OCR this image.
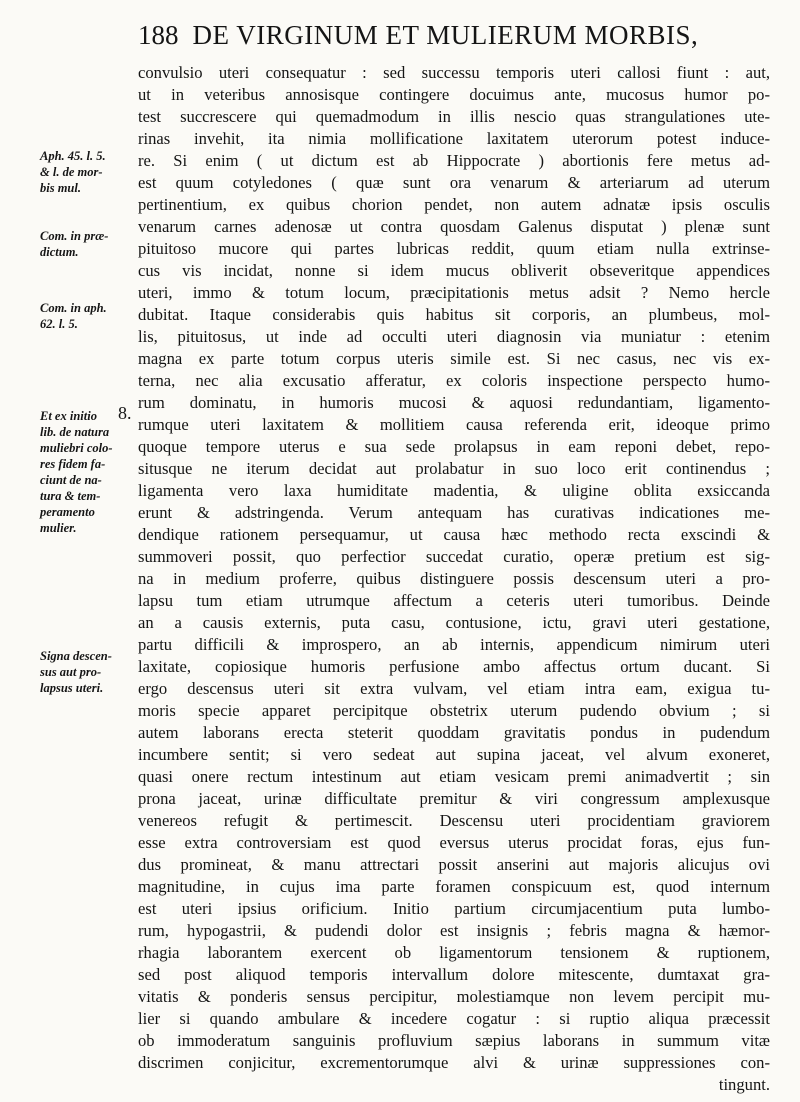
188 DE VIRGINUM ET MULIERUM MORBIS,
Aph. 45. l. 5.
& l. de mor-
bis mul.
Com. in præ-
dictum.
8.
Com. in aph.
62. l. 5.
Et ex initio
lib. de natura
muliebri colo-
res fidem fa-
ciunt de na-
tura & tem-
peramento
mulier.
Signa descen-
sus aut pro-
lapsus uteri.
convulsio uteri consequatur : sed successu temporis uteri callosi fiunt : aut,
ut in veteribus annosisque contingere docuimus ante, mucosus humor po-
test succrescere qui quemadmodum in illis nescio quas strangulationes ute-
rinas invehit, ita nimia mollificatione laxitatem uterorum potest induce-
re. Si enim ( ut dictum est ab Hippocrate ) abortionis fere metus ad-
est quum cotyledones ( quæ sunt ora venarum & arteriarum ad uterum
pertinentium, ex quibus chorion pendet, non autem adnatæ ipsis osculis
venarum carnes adenosæ ut contra quosdam Galenus disputat ) plenæ sunt
pituitoso mucore qui partes lubricas reddit, quum etiam nulla extrinse-
cus vis incidat, nonne si idem mucus obliverit obseveritque appendices
uteri, immo & totum locum, præcipitationis metus adsit ? Nemo hercle
dubitat. Itaque considerabis quis habitus sit corporis, an plumbeus, mol-
lis, pituitosus, ut inde ad occulti uteri diagnosin via muniatur : etenim
magna ex parte totum corpus uteris simile est. Si nec casus, nec vis ex-
terna, nec alia excusatio afferatur, ex coloris inspectione perspecto humo-
rum dominatu, in humoris mucosi & aquosi redundantiam, ligamento-
rumque uteri laxitatem & mollitiem causa referenda erit, ideoque primo
quoque tempore uterus e sua sede prolapsus in eam reponi debet, repo-
situsque ne iterum decidat aut prolabatur in suo loco erit continendus ;
ligamenta vero laxa humiditate madentia, & uligine oblita exsiccanda
erunt & adstringenda. Verum antequam has curativas indicationes me-
dendique rationem persequamur, ut causa hæc methodo recta exscindi &
summoveri possit, quo perfectior succedat curatio, operæ pretium est sig-
na in medium proferre, quibus distinguere possis descensum uteri a pro-
lapsu tum etiam utrumque affectum a ceteris uteri tumoribus. Deinde
an a causis externis, puta casu, contusione, ictu, gravi uteri gestatione,
partu difficili & improspero, an ab internis, appendicum nimirum uteri
laxitate, copiosique humoris perfusione ambo affectus ortum ducant. Si
ergo descensus uteri sit extra vulvam, vel etiam intra eam, exigua tu-
moris specie apparet percipitque obstetrix uterum pudendo obvium ; si
autem laborans erecta steterit quoddam gravitatis pondus in pudendum
incumbere sentit; si vero sedeat aut supina jaceat, vel alvum exoneret,
quasi onere rectum intestinum aut etiam vesicam premi animadvertit ; sin
prona jaceat, urinæ difficultate premitur & viri congressum amplexusque
venereos refugit & pertimescit. Descensu uteri procidentiam graviorem
esse extra controversiam est quod eversus uterus procidat foras, ejus fun-
dus promineat, & manu attrectari possit anserini aut majoris alicujus ovi
magnitudine, in cujus ima parte foramen conspicuum est, quod internum
est uteri ipsius orificium. Initio partium circumjacentium puta lumbo-
rum, hypogastrii, & pudendi dolor est insignis ; febris magna & hæmor-
rhagia laborantem exercent ob ligamentorum tensionem & ruptionem,
sed post aliquod temporis intervallum dolore mitescente, dumtaxat gra-
vitatis & ponderis sensus percipitur, molestiamque non levem percipit mu-
lier si quando ambulare & incedere cogatur : si ruptio aliqua præcessit
ob immoderatum sanguinis profluvium sæpius laborans in summum vitæ
discrimen conjicitur, excrementorumque alvi & urinæ suppressiones con-
tingunt.
